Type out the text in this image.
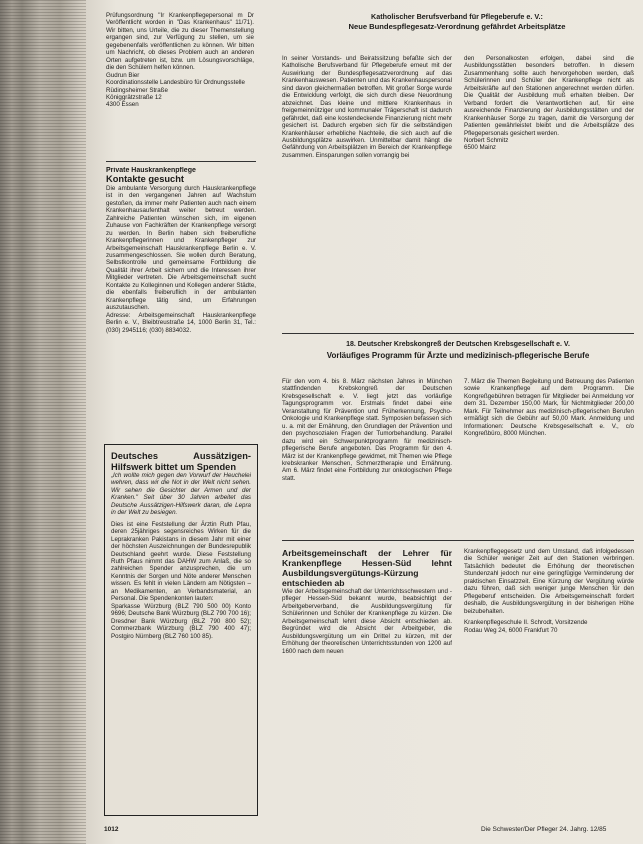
Prüfungsordnung "Ir Krankenpflegepersonal m Dr Veröffentlicht worden in "Das Krankenhaus" 11/71). Wir bitten, uns Urteile, die zu dieser Themenstellung ergangen sind, zur Verfügung zu stellen, um sie gegebenenfalls veröffentlichen zu können. Wir bitten um Nachricht, ob dieses Problem auch an anderen Orten aufgetreten ist, bzw. um Lösungsvorschläge, die den Schülern helfen können.

Gudrun Bier

Koordinationsstelle Landesbüro für Ordnungsstelle

Rüdingsheimer Straße

Königgrätzstraße 12

4300 Essen

Private Hauskrankenpflege

Kontakte gesucht

Die ambulante Versorgung durch Hauskrankenpflege ist in den vergangenen Jahren auf Wachstum gestoßen, da immer mehr Patienten auch nach einem Krankenhausaufenthalt weiter betreut werden. Zahlreiche Patienten wünschen sich, im eigenen Zuhause von Fachkräften der Krankenpflege versorgt zu werden. In Berlin haben sich freiberufliche Krankenpflegerinnen und Krankenpfleger zur Arbeitsgemeinschaft Hauskrankenpflege Berlin e. V. zusammengeschlossen. Sie wollen durch Beratung, Selbstkontrolle und gemeinsame Fortbildung die Qualität ihrer Arbeit sichern und die Interessen ihrer Mitglieder vertreten. Die Arbeitsgemeinschaft sucht Kontakte zu Kolleginnen und Kollegen anderer Städte, die ebenfalls freiberuflich in der ambulanten Krankenpflege tätig sind, um Erfahrungen auszutauschen.

Adresse: Arbeitsgemeinschaft Hauskrankenpflege Berlin e. V., Bleibtreustraße 14, 1000 Berlin 31, Tel.: (030) 2945116; (030) 8834032.

Deutsches Aussätzigen-Hilfswerk bittet um Spenden

„Ich wollte mich gegen den Vorwurf der Heuchelei wehren, dass wir die Not in der Welt nicht sehen. Wir sehen die Gesichter der Armen und der Kranken." Seit über 30 Jahren arbeitet das Deutsche Aussätzigen-Hilfswerk daran, die Lepra in der Welt zu besiegen.

Dies ist eine Feststellung der Ärztin Ruth Pfau, deren 25jähriges segensreiches Wirken für die Leprakranken Pakistans in diesem Jahr mit einer der höchsten Auszeichnungen der Bundesrepublik Deutschland geehrt wurde. Diese Feststellung Ruth Pfaus nimmt das DAHW zum Anlaß, die so zahlreichen Spender anzusprechen, die um Kenntnis der Sorgen und Nöte anderer Menschen wissen. Es fehlt in vielen Ländern am Nötigsten – an Medikamenten, an Verbandsmaterial, an Personal. Die Spendenkonten lauten:

Sparkasse Würzburg (BLZ 790 500 00) Konto 9696; Deutsche Bank Würzburg (BLZ 790 700 16); Dresdner Bank Würzburg (BLZ 790 800 52); Commerzbank Würzburg (BLZ 790 400 47); Postgiro Nürnberg (BLZ 760 100 85).

Katholischer Berufsverband für Pflegeberufe e. V.:

Neue Bundespflegesatz-Verordnung gefährdet Arbeitsplätze

In seiner Vorstands- und Beiratssitzung befaßte sich der Katholische Berufsverband für Pflegeberufe erneut mit der Auswirkung der Bundespflegesatzverordnung auf das Krankenhauswesen. Patienten und das Krankenhauspersonal sind davon gleichermaßen betroffen. Mit großer Sorge wurde die Entwicklung verfolgt, die sich durch diese Neuordnung abzeichnet. Das kleine und mittlere Krankenhaus in freigemeinnütziger und kommunaler Trägerschaft ist dadurch gefährdet, daß eine kostendeckende Finanzierung nicht mehr gesichert ist. Dadurch ergeben sich für die selbständigen Krankenhäuser erhebliche Nachteile, die sich auch auf die Ausbildungsplätze auswirken. Unmittelbar damit hängt die Gefährdung von Arbeitsplätzen im Bereich der Krankenpflege zusammen. Einsparungen sollen vorrangig bei

den Personalkosten erfolgen, dabei sind die Ausbildungsstätten besonders betroffen. In diesem Zusammenhang sollte auch hervorgehoben werden, daß Schülerinnen und Schüler der Krankenpflege nicht als Arbeitskräfte auf den Stationen angerechnet werden dürfen. Die Qualität der Ausbildung muß erhalten bleiben. Der Verband fordert die Verantwortlichen auf, für eine ausreichende Finanzierung der Ausbildungsstätten und der Krankenhäuser Sorge zu tragen, damit die Versorgung der Patienten gewährleistet bleibt und die Arbeitsplätze des Pflegepersonals gesichert werden.

Norbert Schmitz

6500 Mainz

18. Deutscher Krebskongreß der Deutschen Krebsgesellschaft e. V.

Vorläufiges Programm für Ärzte und medizinisch-pflegerische Berufe

Für den vom 4. bis 8. März nächsten Jahres in München stattfindenden Krebskongreß der Deutschen Krebsgesellschaft e. V. liegt jetzt das vorläufige Tagungsprogramm vor. Erstmals findet dabei eine Veranstaltung für Prävention und Früherkennung, Psycho-Onkologie und Krankenpflege statt. Symposien befassen sich u. a. mit der Ernährung, den Grundlagen der Prävention und den psychosozialen Fragen der Tumorbehandlung. Parallel dazu wird ein Schwerpunktprogramm für medizinisch-pflegerische Berufe angeboten. Das Programm für den 4. März ist der Krankenpflege gewidmet, mit Themen wie Pflege krebskranker Menschen, Schmerztherapie und Ernährung. Am 6. März findet eine Fortbildung zur onkologischen Pflege statt.

7. März die Themen Begleitung und Betreuung des Patienten sowie Krankenpflege auf dem Programm. Die Kongreßgebühren betragen für Mitglieder bei Anmeldung vor dem 31. Dezember 150,00 Mark, für Nichtmitglieder 200,00 Mark. Für Teilnehmer aus medizinisch-pflegerischen Berufen ermäßigt sich die Gebühr auf 50,00 Mark. Anmeldung und Informationen: Deutsche Krebsgesellschaft e. V., c/o Kongreßbüro, 8000 München.

Arbeitsgemeinschaft der Lehrer für Krankenpflege Hessen-Süd lehnt Ausbildungsvergütungs-Kürzung entschieden ab

Wie der Arbeitsgemeinschaft der Unterrichtsschwestern und -pfleger Hessen-Süd bekannt wurde, beabsichtigt der Arbeitgeberverband, die Ausbildungsvergütung für Schülerinnen und Schüler der Krankenpflege zu kürzen. Die Arbeitsgemeinschaft lehnt diese Absicht entschieden ab. Begründet wird die Absicht der Arbeitgeber, die Ausbildungsvergütung um ein Drittel zu kürzen, mit der Erhöhung der theoretischen Unterrichtsstunden von 1200 auf 1600 nach dem neuen

Krankenpflegegesetz und dem Umstand, daß infolgedessen die Schüler weniger Zeit auf den Stationen verbringen. Tatsächlich bedeutet die Erhöhung der theoretischen Stundenzahl jedoch nur eine geringfügige Verminderung der praktischen Einsatzzeit. Eine Kürzung der Vergütung würde dazu führen, daß sich weniger junge Menschen für den Pflegeberuf entscheiden. Die Arbeitsgemeinschaft fordert deshalb, die Ausbildungsvergütung in der bisherigen Höhe beizubehalten.

Krankenpflegeschule II. Schrodt, Vorsitzende

Rodau Weg 24, 6000 Frankfurt 70

1012	Die Schwester/Der Pfleger 24. Jahrg. 12/85
